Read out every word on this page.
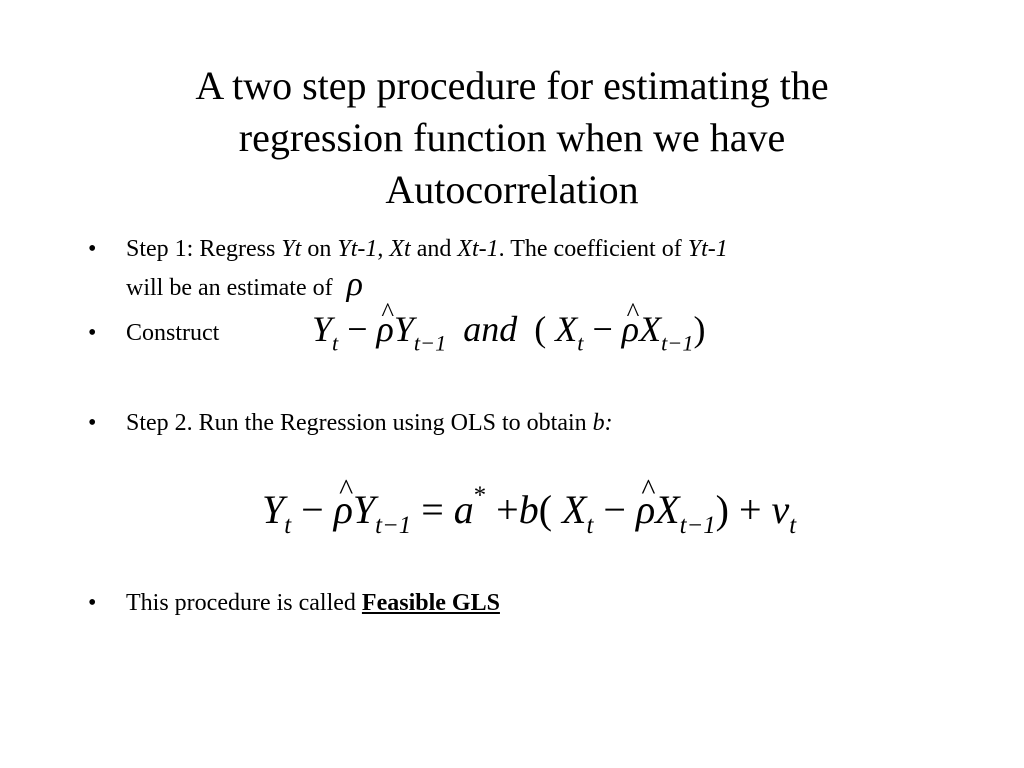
A two step procedure for estimating the
regression function when we have
Autocorrelation
• Step 1: Regress Yt on Yt-1, Xt and Xt-1. The coefficient of Yt-1
will be an estimate of ρ
• Construct	$Y_t$ − ^ $\rho Y_{t-1}$ and ( $X_t$ − ^ $\rho X_{t-1}$)
• Step 2. Run the Regression using OLS to obtain b:
$Y_t$ − ^ $\rho Y_{t-1} = a^* +b$( $X_t$ − ^ $\rho X_{t-1}) + v_t$
• This procedure is called Feasible GLS
